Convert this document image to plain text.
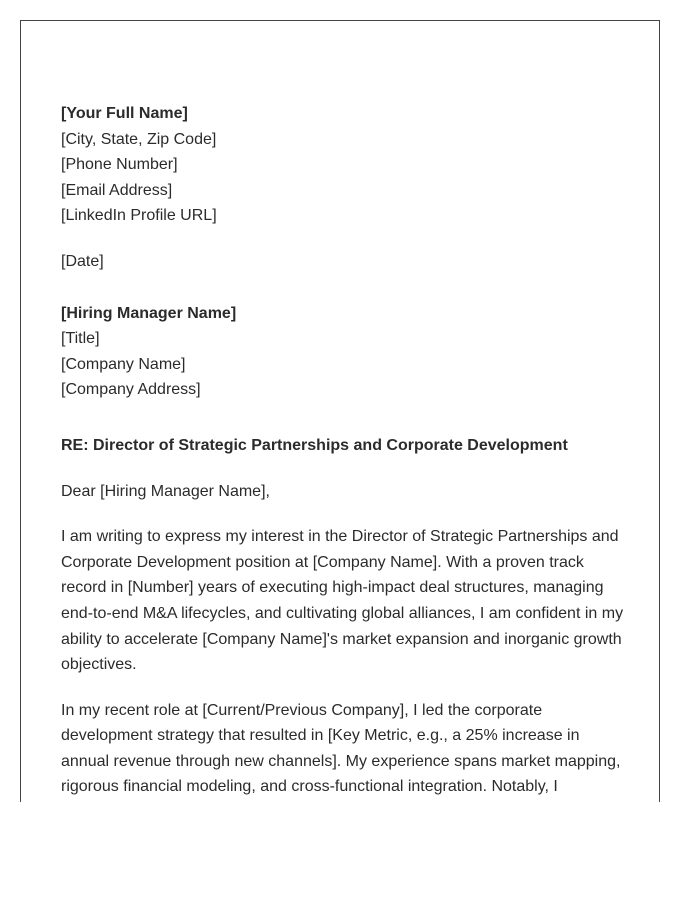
[Your Full Name]
[City, State, Zip Code]
[Phone Number]
[Email Address]
[LinkedIn Profile URL]
[Date]
[Hiring Manager Name]
[Title]
[Company Name]
[Company Address]
RE: Director of Strategic Partnerships and Corporate Development
Dear [Hiring Manager Name],

I am writing to express my interest in the Director of Strategic Partnerships and Corporate Development position at [Company Name]. With a proven track record in [Number] years of executing high-impact deal structures, managing end-to-end M&A lifecycles, and cultivating global alliances, I am confident in my ability to accelerate [Company Name]'s market expansion and inorganic growth objectives.

In my recent role at [Current/Previous Company], I led the corporate development strategy that resulted in [Key Metric, e.g., a 25% increase in annual revenue through new channels]. My experience spans market mapping, rigorous financial modeling, and cross-functional integration. Notably, I
